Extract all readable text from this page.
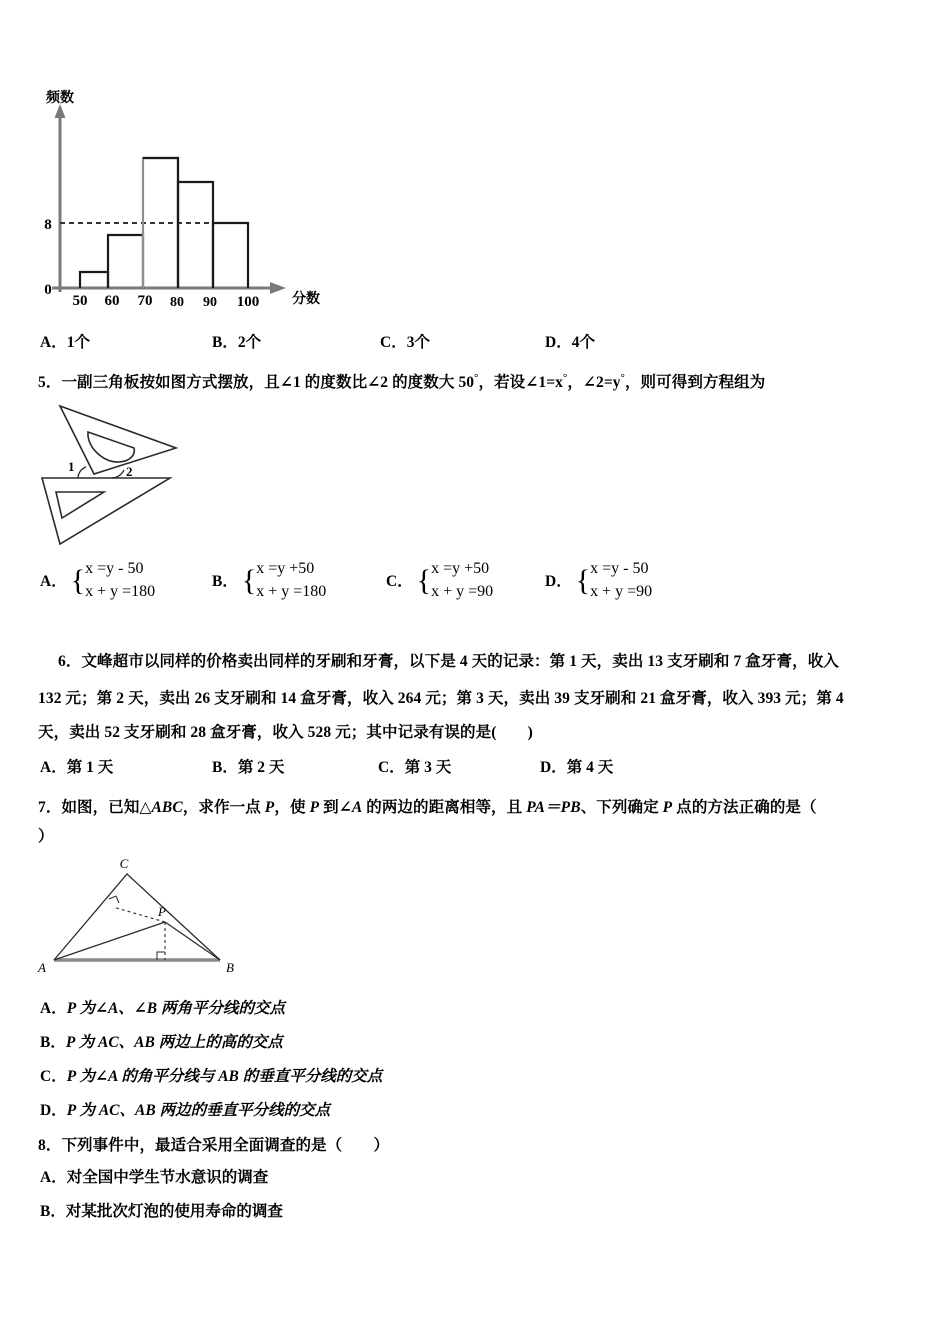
0
8
50 60 70 80 90 100
频数
分数
A．1个	B．2个	C．3个	D．4个
5．一副三角板按如图方式摆放，且∠1 的度数比∠2 的度数大 50°，若设∠1=x°，∠2=y°，则可得到方程组为
1	2
A． { x =y - 50
x + y =180
B． { x =y +50
x + y =180
C． { x =y +50
x + y =90
D． { x =y - 50
x + y =90
6．文峰超市以同样的价格卖出同样的牙刷和牙膏，以下是 4 天的记录：第 1 天，卖出 13 支牙刷和 7 盒牙膏，收入
132 元；第 2 天，卖出 26 支牙刷和 14 盒牙膏，收入 264 元；第 3 天，卖出 39 支牙刷和 21 盒牙膏，收入 393 元；第 4
天，卖出 52 支牙刷和 28 盒牙膏，收入 528 元；其中记录有误的是(　　)
A．第 1 天	B．第 2 天	C．第 3 天	D．第 4 天
7．如图，已知△ABC，求作一点 P，使 P 到∠A 的两边的距离相等，且 PA＝PB、下列确定 P 点的方法正确的是（
）
C
A	B
P
A．P 为∠A、∠B 两角平分线的交点
B．P 为 AC、AB 两边上的高的交点
C．P 为∠A 的角平分线与 AB 的垂直平分线的交点
D．P 为 AC、AB 两边的垂直平分线的交点
8．下列事件中，最适合采用全面调查的是（　　）
A．对全国中学生节水意识的调查
B．对某批次灯泡的使用寿命的调查
